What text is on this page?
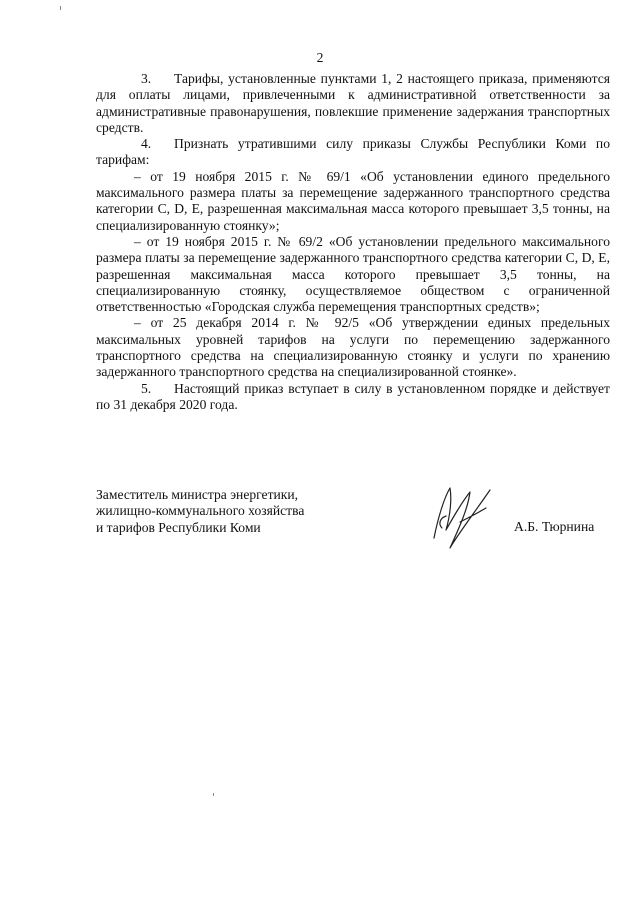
2

3. Тарифы, установленные пунктами 1, 2 настоящего приказа, применяются для оплаты лицами, привлеченными к административной ответственности за административные правонарушения, повлекшие применение задержания транспортных средств.

4. Признать утратившими силу приказы Службы Республики Коми по тарифам:

– от 19 ноября 2015 г. № 69/1 «Об установлении единого предельного максимального размера платы за перемещение задержанного транспортного средства категории C, D, E, разрешенная максимальная масса которого превышает 3,5 тонны, на специализированную стоянку»;

– от 19 ноября 2015 г. № 69/2 «Об установлении предельного максимального размера платы за перемещение задержанного транспортного средства категории C, D, E, разрешенная максимальная масса которого превышает 3,5 тонны, на специализированную стоянку, осуществляемое обществом с ограниченной ответственностью «Городская служба перемещения транспортных средств»;

– от 25 декабря 2014 г. № 92/5 «Об утверждении единых предельных максимальных уровней тарифов на услуги по перемещению задержанного транспортного средства на специализированную стоянку и услуги по хранению задержанного транспортного средства на специализированной стоянке».

5. Настоящий приказ вступает в силу в установленном порядке и действует по 31 декабря 2020 года.

Заместитель министра энергетики,
жилищно-коммунального хозяйства
и тарифов Республики Коми	А.Б. Тюрнина
